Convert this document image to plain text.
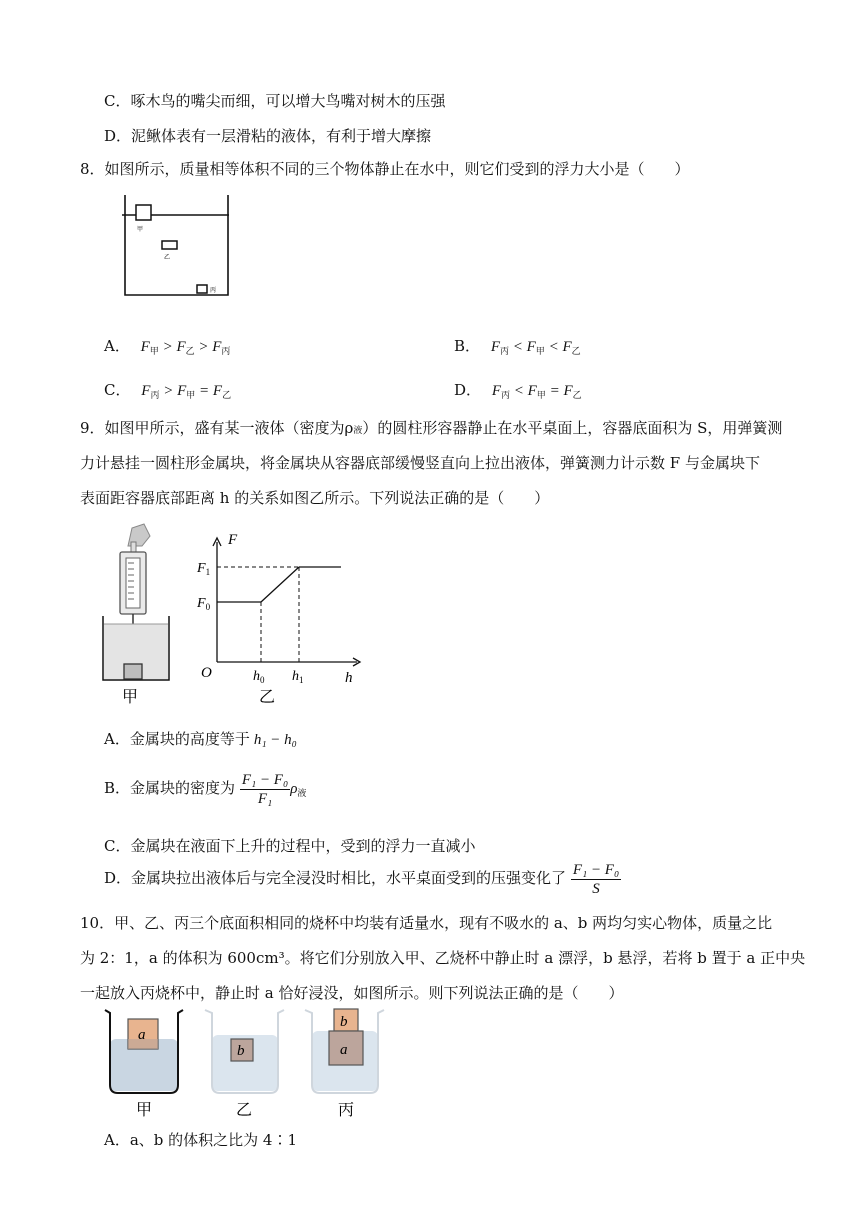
C．啄木鸟的嘴尖而细，可以增大鸟嘴对树木的压强
D．泥鳅体表有一层滑粘的液体，有利于增大摩擦
8．如图所示，质量相等体积不同的三个物体静止在水中，则它们受到的浮力大小是（　　）
甲
乙
丙
A． $F_甲 > F_乙 > F_丙$	B． $F_丙 < F_甲 < F_乙$
C． $F_丙 > F_甲 = F_乙$	D． $F_丙 < F_甲 = F_乙$
9．如图甲所示，盛有某一液体（密度为ρ液）的圆柱形容器静止在水平桌面上，容器底面积为 S，用弹簧测
力计悬挂一圆柱形金属块，将金属块从容器底部缓慢竖直向上拉出液体，弹簧测力计示数 F 与金属块下
表面距容器底部距离 h 的关系如图乙所示。下列说法正确的是（　　）
甲
F
h
O
$F_1$
$F_0$
$h_0$ $h_1$
乙
A．金属块的高度等于 h₁ − h₀
B．金属块的密度为 $\frac{\text{F₁ − F₀}}{\text{F₁}} \rho_液$
C．金属块在液面下上升的过程中，受到的浮力一直减小
D．金属块拉出液体后与完全浸没时相比，水平桌面受到的压强变化了 $\frac{\text{F₁ − F₀}}{S}$
10．甲、乙、丙三个底面积相同的烧杯中均装有适量水，现有不吸水的 a、b 两均匀实心物体，质量之比
为 2：1，a 的体积为 600cm³。将它们分别放入甲、乙烧杯中静止时 a 漂浮，b 悬浮，若将 b 置于 a 正中央
一起放入丙烧杯中，静止时 a 恰好浸没，如图所示。则下列说法正确的是（　　）
a
甲
b
乙
b
a
丙
A．a、b 的体积之比为 4∶1
